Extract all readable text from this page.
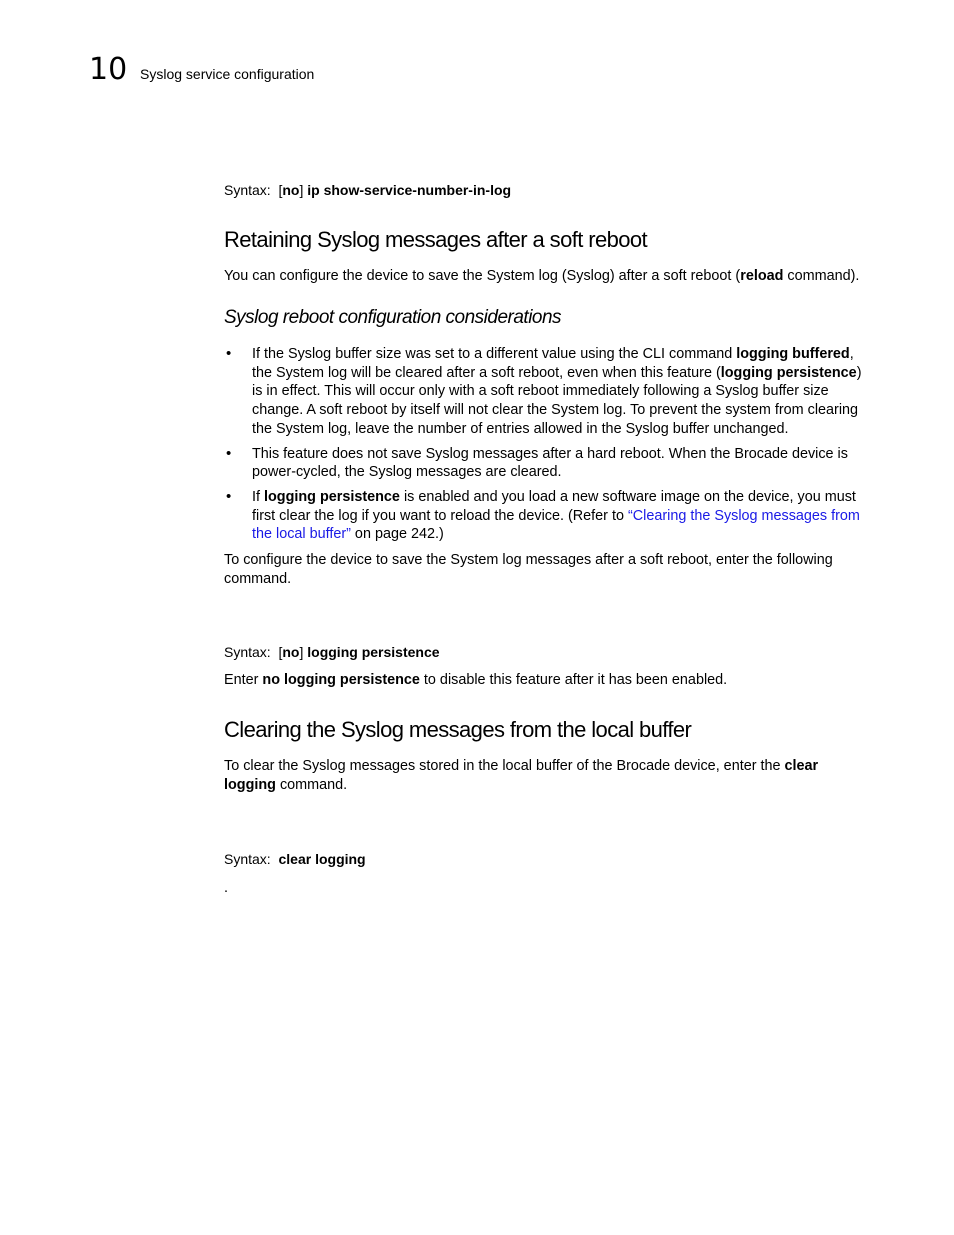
10 Syslog service configuration
Syntax: [no] ip show-service-number-in-log
Retaining Syslog messages after a soft reboot
You can configure the device to save the System log (Syslog) after a soft reboot (reload command).
Syslog reboot configuration considerations
• If the Syslog buffer size was set to a different value using the CLI command logging buffered, the System log will be cleared after a soft reboot, even when this feature (logging persistence) is in effect. This will occur only with a soft reboot immediately following a Syslog buffer size change. A soft reboot by itself will not clear the System log. To prevent the system from clearing the System log, leave the number of entries allowed in the Syslog buffer unchanged.
• This feature does not save Syslog messages after a hard reboot. When the Brocade device is power-cycled, the Syslog messages are cleared.
• If logging persistence is enabled and you load a new software image on the device, you must first clear the log if you want to reload the device. (Refer to “Clearing the Syslog messages from the local buffer” on page 242.)
To configure the device to save the System log messages after a soft reboot, enter the following command.
Syntax: [no] logging persistence
Enter no logging persistence to disable this feature after it has been enabled.
Clearing the Syslog messages from the local buffer
To clear the Syslog messages stored in the local buffer of the Brocade device, enter the clear logging command.
Syntax: clear logging
.
